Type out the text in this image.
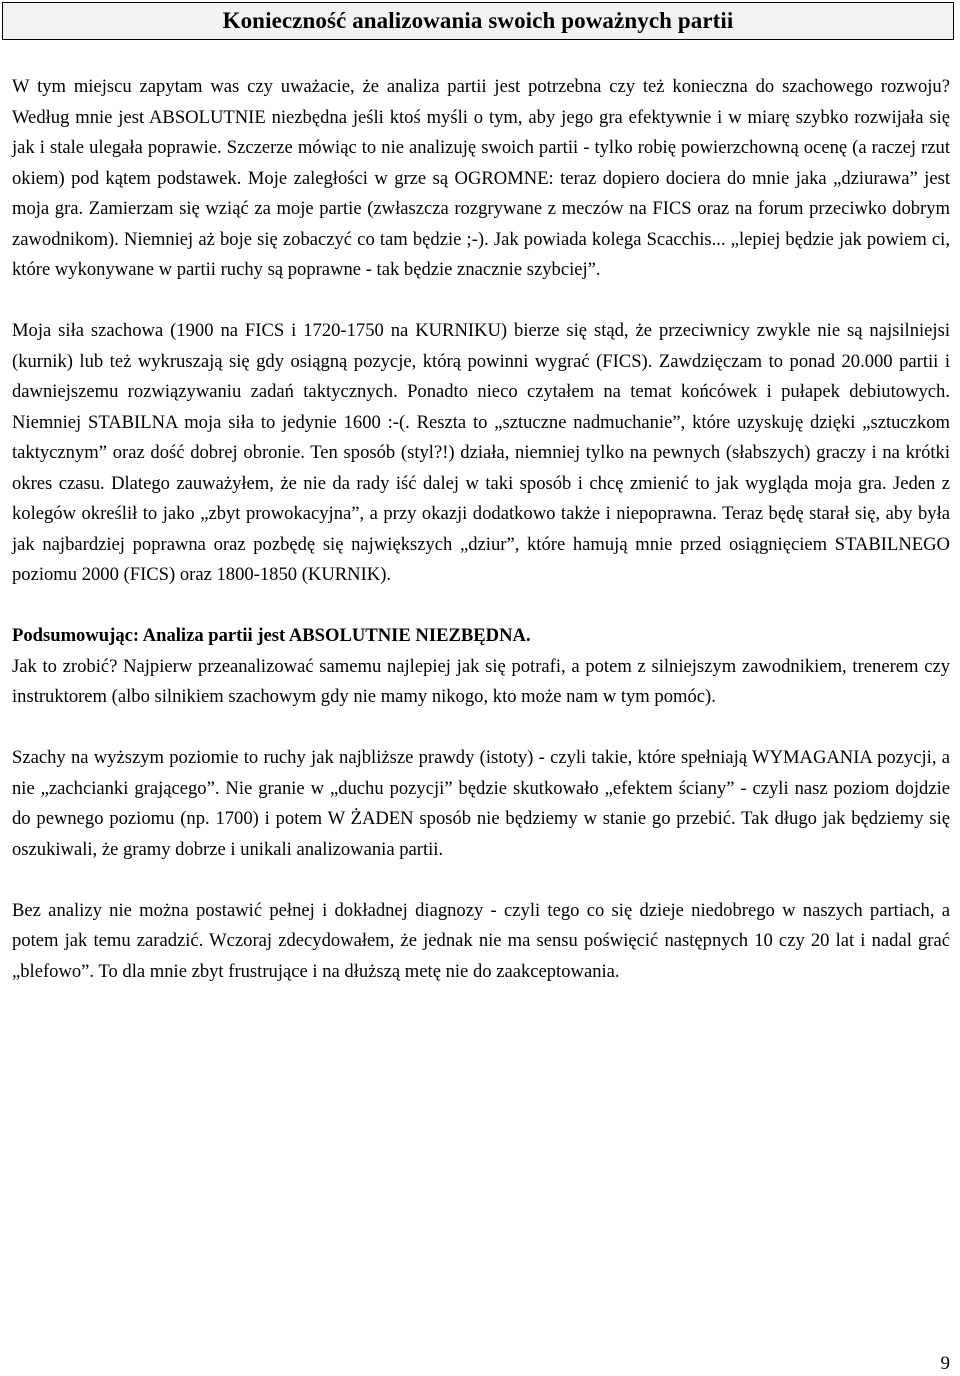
Konieczność analizowania swoich poważnych partii

W tym miejscu zapytam was czy uważacie, że analiza partii jest potrzebna czy też konieczna do szachowego rozwoju? Według mnie jest ABSOLUTNIE niezbędna jeśli ktoś myśli o tym, aby jego gra efektywnie i w miarę szybko rozwijała się jak i stale ulegała poprawie. Szczerze mówiąc to nie analizuję swoich partii - tylko robię powierzchowną ocenę (a raczej rzut okiem) pod kątem podstawek. Moje zaległości w grze są OGROMNE: teraz dopiero dociera do mnie jaka „dziurawa” jest moja gra. Zamierzam się wziąć za moje partie (zwłaszcza rozgrywane z meczów na FICS oraz na forum przeciwko dobrym zawodnikom). Niemniej aż boje się zobaczyć co tam będzie ;-). Jak powiada kolega Scacchis... „lepiej będzie jak powiem ci, które wykonywane w partii ruchy są poprawne - tak będzie znacznie szybciej”.

Moja siła szachowa (1900 na FICS i 1720-1750 na KURNIKU) bierze się stąd, że przeciwnicy zwykle nie są najsilniejsi (kurnik) lub też wykruszają się gdy osiągną pozycje, którą powinni wygrać (FICS). Zawdzięczam to ponad 20.000 partii i dawniejszemu rozwiązywaniu zadań taktycznych. Ponadto nieco czytałem na temat końcówek i pułapek debiutowych. Niemniej STABILNA moja siła to jedynie 1600 :-(. Reszta to „sztuczne nadmuchanie”, które uzyskuję dzięki „sztuczkom taktycznym” oraz dość dobrej obronie. Ten sposób (styl?!) działa, niemniej tylko na pewnych (słabszych) graczy i na krótki okres czasu. Dlatego zauważyłem, że nie da rady iść dalej w taki sposób i chcę zmienić to jak wygląda moja gra. Jeden z kolegów określił to jako „zbyt prowokacyjna”, a przy okazji dodatkowo także i niepoprawna. Teraz będę starał się, aby była jak najbardziej poprawna oraz pozbędę się największych „dziur”, które hamują mnie przed osiągnięciem STABILNEGO poziomu 2000 (FICS) oraz 1800-1850 (KURNIK).

Podsumowując: Analiza partii jest ABSOLUTNIE NIEZBĘDNA.

Jak to zrobić? Najpierw przeanalizować samemu najlepiej jak się potrafi, a potem z silniejszym zawodnikiem, trenerem czy instruktorem (albo silnikiem szachowym gdy nie mamy nikogo, kto może nam w tym pomóc).

Szachy na wyższym poziomie to ruchy jak najbliższe prawdy (istoty) - czyli takie, które spełniają WYMAGANIA pozycji, a nie „zachcianki grającego”. Nie granie w „duchu pozycji” będzie skutkowało „efektem ściany” - czyli nasz poziom dojdzie do pewnego poziomu (np. 1700) i potem W ŻADEN sposób nie będziemy w stanie go przebić. Tak długo jak będziemy się oszukiwali, że gramy dobrze i unikali analizowania partii.

Bez analizy nie można postawić pełnej i dokładnej diagnozy - czyli tego co się dzieje niedobrego w naszych partiach, a potem jak temu zaradzić. Wczoraj zdecydowałem, że jednak nie ma sensu poświęcić następnych 10 czy 20 lat i nadal grać „blefowo”. To dla mnie zbyt frustrujące i na dłuższą metę nie do zaakceptowania.

9
